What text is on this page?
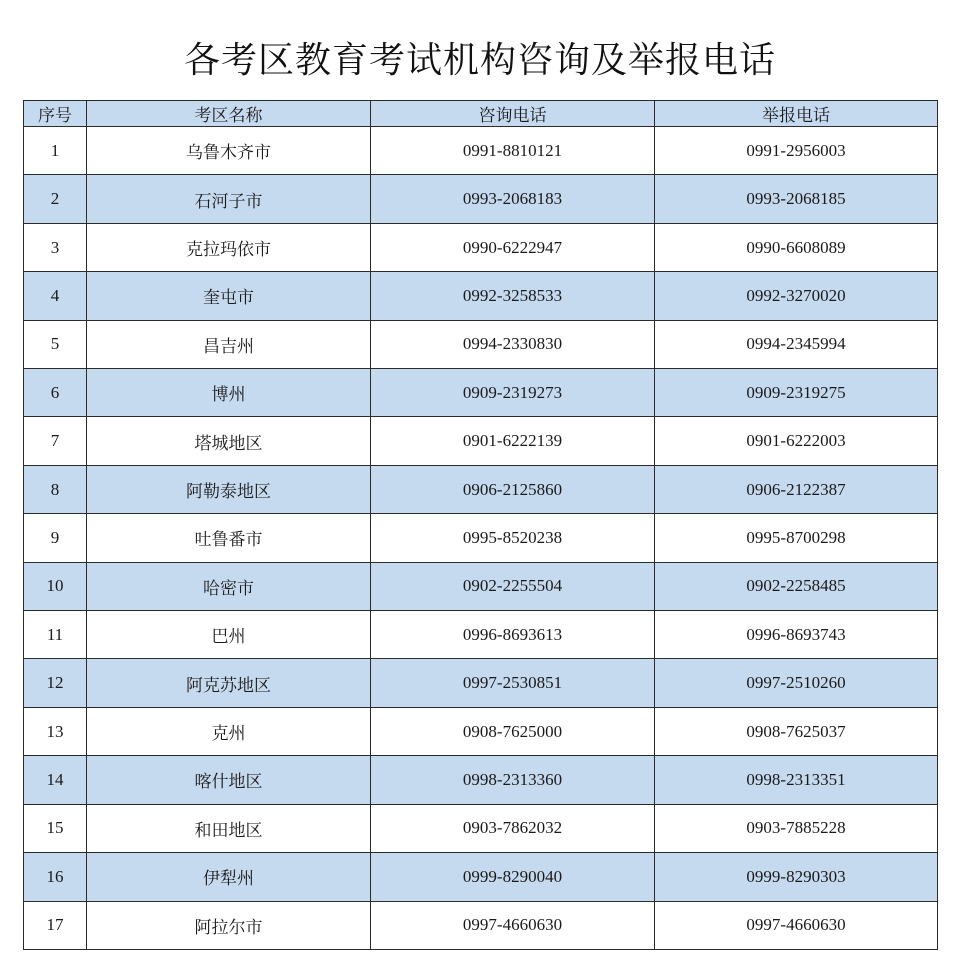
各考区教育考试机构咨询及举报电话
序号	考区名称	咨询电话	举报电话
1	乌鲁木齐市	0991-8810121	0991-2956003
2	石河子市	0993-2068183	0993-2068185
3	克拉玛依市	0990-6222947	0990-6608089
4	奎屯市	0992-3258533	0992-3270020
5	昌吉州	0994-2330830	0994-2345994
6	博州	0909-2319273	0909-2319275
7	塔城地区	0901-6222139	0901-6222003
8	阿勒泰地区	0906-2125860	0906-2122387
9	吐鲁番市	0995-8520238	0995-8700298
10	哈密市	0902-2255504	0902-2258485
11	巴州	0996-8693613	0996-8693743
12	阿克苏地区	0997-2530851	0997-2510260
13	克州	0908-7625000	0908-7625037
14	喀什地区	0998-2313360	0998-2313351
15	和田地区	0903-7862032	0903-7885228
16	伊犁州	0999-8290040	0999-8290303
17	阿拉尔市	0997-4660630	0997-4660630
